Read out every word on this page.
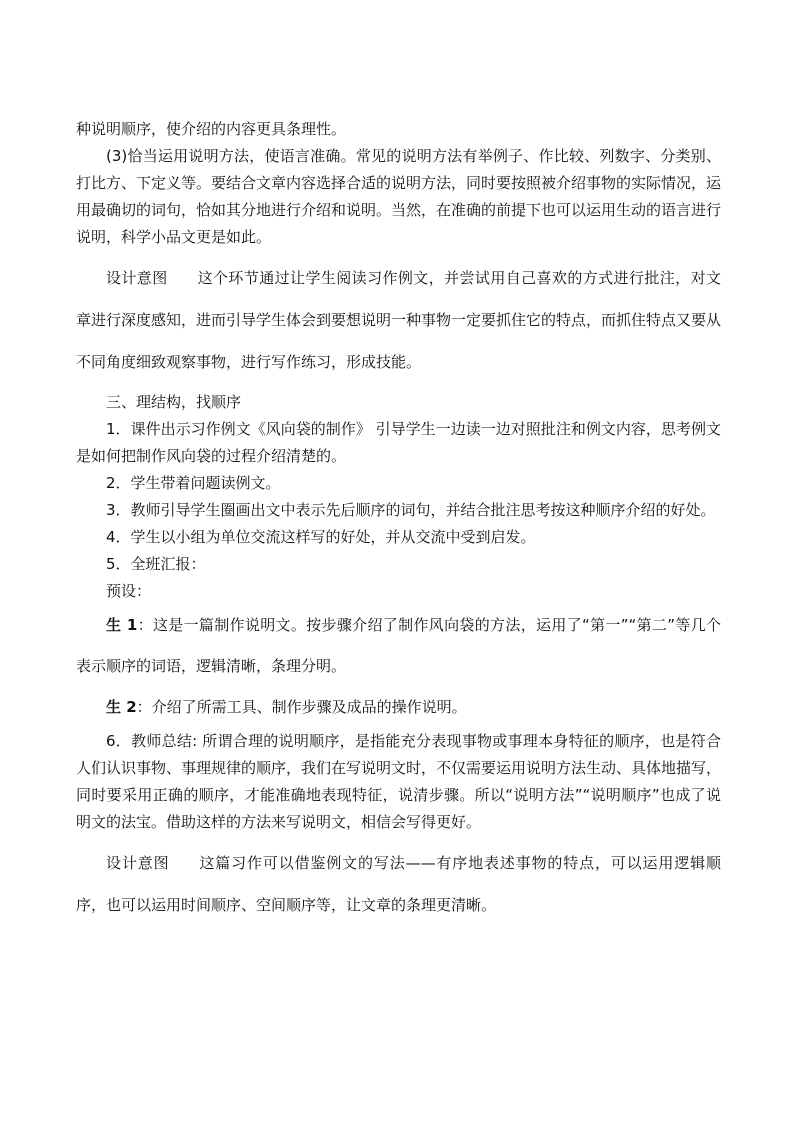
种说明顺序，使介绍的内容更具条理性。

(3)恰当运用说明方法，使语言准确。常见的说明方法有举例子、作比较、列数字、分类别、打比方、下定义等。要结合文章内容选择合适的说明方法，同时要按照被介绍事物的实际情况，运用最确切的词句，恰如其分地进行介绍和说明。当然，在准确的前提下也可以运用生动的语言进行说明，科学小品文更是如此。

设计意图 这个环节通过让学生阅读习作例文，并尝试用自己喜欢的方式进行批注，对文章进行深度感知，进而引导学生体会到要想说明一种事物一定要抓住它的特点，而抓住特点又要从不同角度细致观察事物，进行写作练习，形成技能。

三、理结构，找顺序

1．课件出示习作例文《风向袋的制作》 引导学生一边读一边对照批注和例文内容，思考例文是如何把制作风向袋的过程介绍清楚的。

2．学生带着问题读例文。

3．教师引导学生圈画出文中表示先后顺序的词句，并结合批注思考按这种顺序介绍的好处。

4．学生以小组为单位交流这样写的好处，并从交流中受到启发。

5．全班汇报：

预设：

生 1：这是一篇制作说明文。按步骤介绍了制作风向袋的方法，运用了“第一”“第二”等几个表示顺序的词语，逻辑清晰，条理分明。

生 2：介绍了所需工具、制作步骤及成品的操作说明。

6．教师总结: 所谓合理的说明顺序，是指能充分表现事物或事理本身特征的顺序，也是符合人们认识事物、事理规律的顺序，我们在写说明文时，不仅需要运用说明方法生动、具体地描写，同时要采用正确的顺序，才能准确地表现特征，说清步骤。所以“说明方法”“说明顺序”也成了说明文的法宝。借助这样的方法来写说明文，相信会写得更好。

设计意图 这篇习作可以借鉴例文的写法——有序地表述事物的特点，可以运用逻辑顺序，也可以运用时间顺序、空间顺序等，让文章的条理更清晰。
